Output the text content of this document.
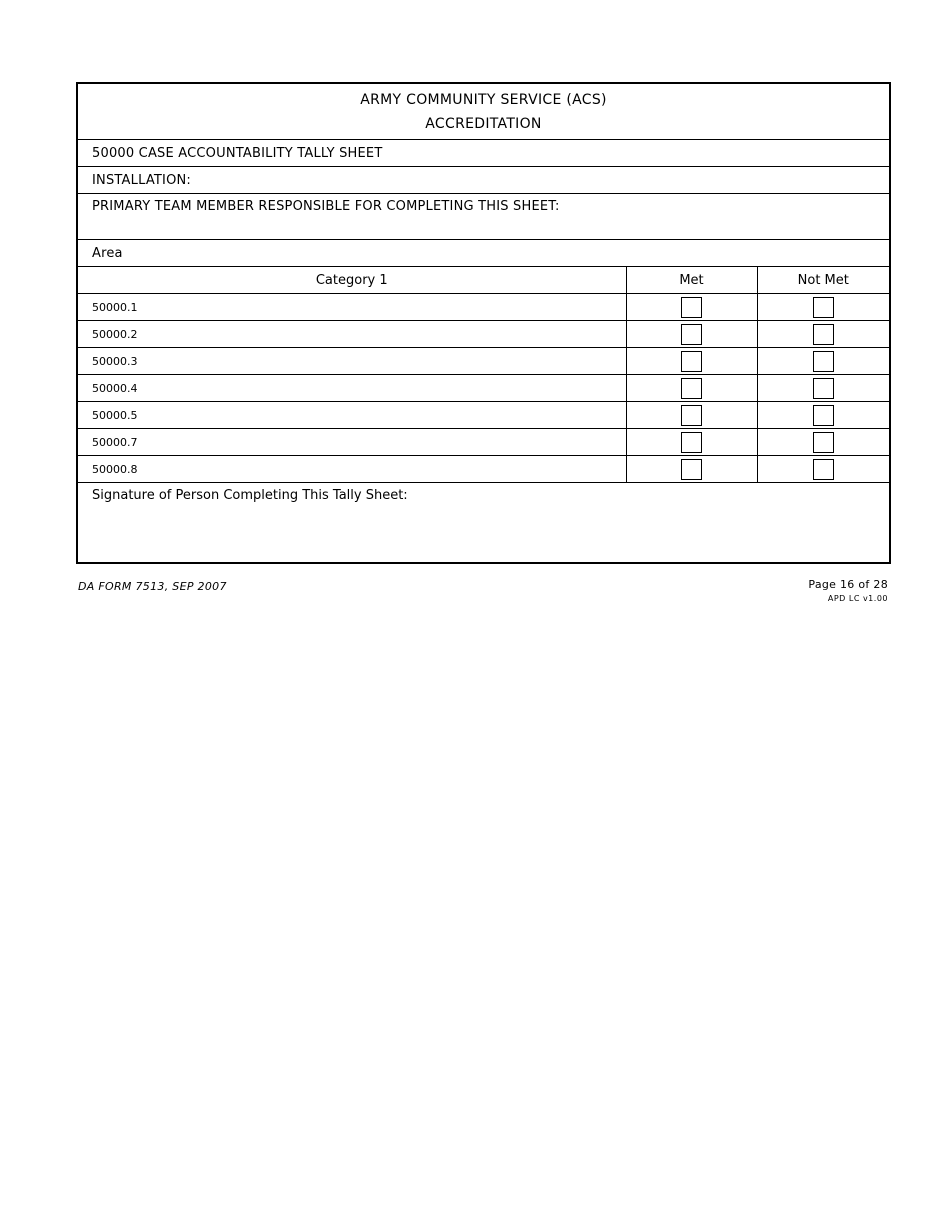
ARMY COMMUNITY SERVICE (ACS)
ACCREDITATION		

50000 CASE ACCOUNTABILITY TALLY SHEET		
INSTALLATION:		
PRIMARY TEAM MEMBER RESPONSIBLE FOR COMPLETING THIS SHEET:		
Area		
Category 1	Met	Not Met
50000.1		
50000.2		
50000.3		
50000.4		
50000.5		
50000.7		
50000.8		
Signature of Person Completing This Tally Sheet:		
DA FORM 7513, SEP 2007	Page 16 of 28
APD LC v1.00
